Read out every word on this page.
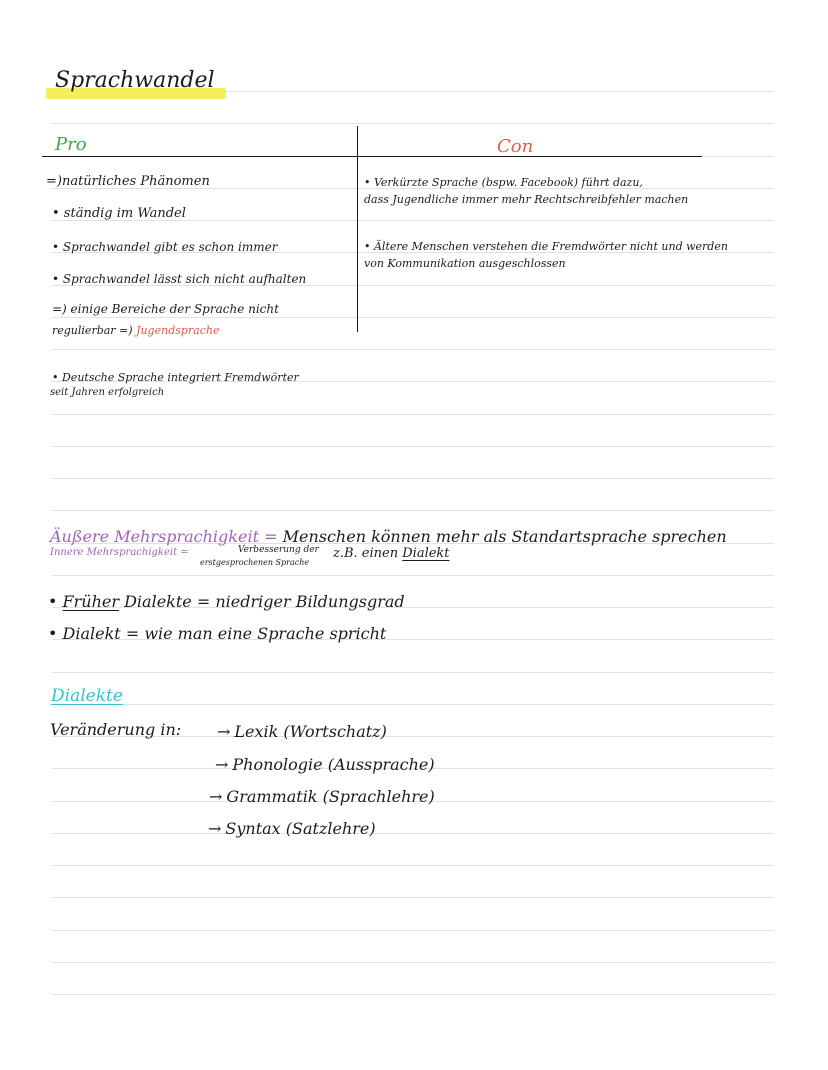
Sprachwandel
Pro	Con
=)natürliches Phänomen
• ständig im Wandel
• Sprachwandel gibt es schon immer
• Sprachwandel lässt sich nicht aufhalten
=) einige Bereiche der Sprache nicht
regulierbar =) Jugendsprache
• Verkürzte Sprache (bspw. Facebook) führt dazu,
dass Jugendliche immer mehr Rechtschreibfehler machen
• Ältere Menschen verstehen die Fremdwörter nicht und werden
von Kommunikation ausgeschlossen
• Deutsche Sprache integriert Fremdwörter
seit Jahren erfolgreich
Äußere Mehrsprachigkeit = Menschen können mehr als Standartsprache sprechen
Innere Mehrsprachigkeit =	Verbesserung der
erstgesprochenen Sprache
z.B. einen Dialekt
• Früher Dialekte = niedriger Bildungsgrad
• Dialekt = wie man eine Sprache spricht
Dialekte
Veränderung in: → Lexik (Wortschatz)
→ Phonologie (Aussprache)
→ Grammatik (Sprachlehre)
→ Syntax (Satzlehre)
